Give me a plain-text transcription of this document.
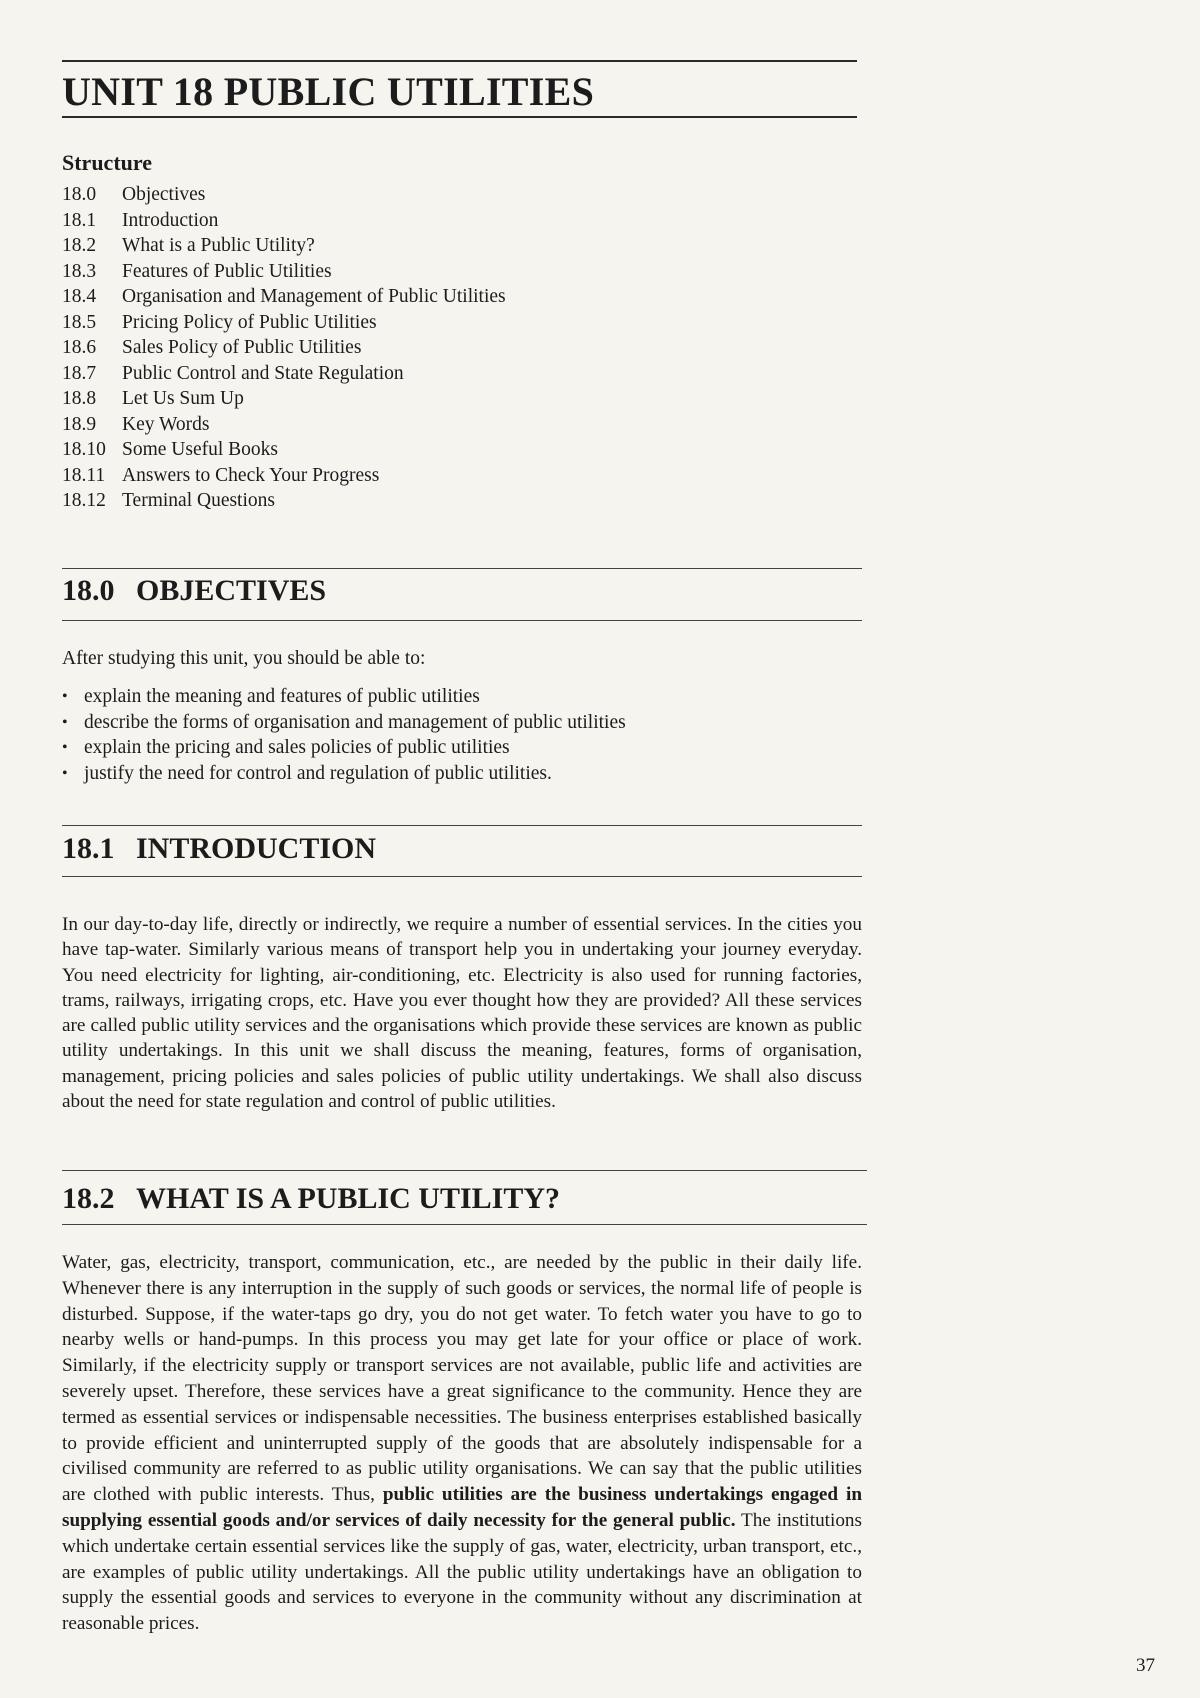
UNIT 18 PUBLIC UTILITIES
Structure
18.0	Objectives
18.1	Introduction
18.2	What is a Public Utility?
18.3	Features of Public Utilities
18.4	Organisation and Management of Public Utilities
18.5	Pricing Policy of Public Utilities
18.6	Sales Policy of Public Utilities
18.7	Public Control and State Regulation
18.8	Let Us Sum Up
18.9	Key Words
18.10 Some Useful Books
18.11 Answers to Check Your Progress
18.12 Terminal Questions
18.0 OBJECTIVES
After studying this unit, you should be able to:
• explain the meaning and features of public utilities
• describe the forms of organisation and management of public utilities
• explain the pricing and sales policies of public utilities
• justify the need for control and regulation of public utilities.
18.1 INTRODUCTION

In our day-to-day life, directly or indirectly, we require a number of essential services. In the cities you have tap-water. Similarly various means of transport help you in undertaking your journey everyday. You need electricity for lighting, air-conditioning, etc. Electricity is also used for running factories, trams, railways, irrigating crops, etc. Have you ever thought how they are provided? All these services are called public utility services and the organisations which provide these services are known as public utility undertakings. In this unit we shall discuss the meaning, features, forms of organisation, management, pricing policies and sales policies of public utility undertakings. We shall also discuss about the need for state regulation and control of public utilities.

18.2 WHAT IS A PUBLIC UTILITY?

Water, gas, electricity, transport, communication, etc., are needed by the public in their daily life. Whenever there is any interruption in the supply of such goods or services, the normal life of people is disturbed. Suppose, if the water-taps go dry, you do not get water. To fetch water you have to go to nearby wells or hand-pumps. In this process you may get late for your office or place of work. Similarly, if the electricity supply or transport services are not available, public life and activities are severely upset. Therefore, these services have a great significance to the community. Hence they are termed as essential services or indispensable necessities. The business enterprises established basically to provide efficient and uninterrupted supply of the goods that are absolutely indispensable for a civilised community are referred to as public utility organisations. We can say that the public utilities are clothed with public interests. Thus, public utilities are the business undertakings engaged in supplying essential goods and/or services of daily necessity for the general public. The institutions which undertake certain essential services like the supply of gas, water, electricity, urban transport, etc., are examples of public utility undertakings. All the public utility undertakings have an obligation to supply the essential goods and services to everyone in the community without any discrimination at reasonable prices.

37
